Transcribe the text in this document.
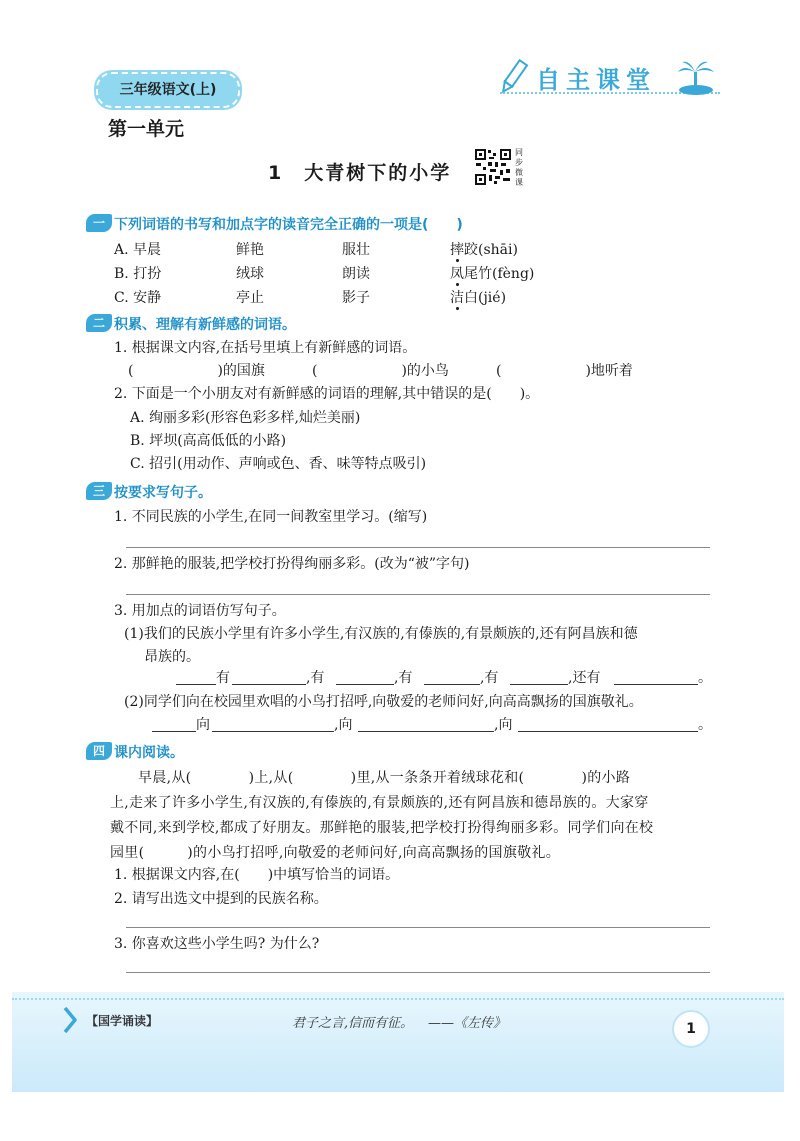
三年级语文(上)	自主课堂
第一单元
1　大青树下的小学
同步微课
一 下列词语的书写和加点字的读音完全正确的一项是(　　)
A. 早晨	鲜艳	服壮	摔跤(shāi)
B. 打扮	绒球	朗读	凤尾竹(fèng)
C. 安静	亭止	影子	洁白(jié)
二 积累、理解有新鲜感的词语。
1. 根据课文内容,在括号里填上有新鲜感的词语。
(　　　　　　)的国旗	(　　　　　　)的小鸟	(　　　　　　)地听着
2. 下面是一个小朋友对有新鲜感的词语的理解,其中错误的是(　　)。
A. 绚丽多彩(形容色彩多样,灿烂美丽)
B. 坪坝(高高低低的小路)
C. 招引(用动作、声响或色、香、味等特点吸引)
三 按要求写句子。
1. 不同民族的小学生,在同一间教室里学习。(缩写)
2. 那鲜艳的服装,把学校打扮得绚丽多彩。(改为“被”字句)
3. 用加点的词语仿写句子。
(1)我们的民族小学里有许多小学生,有汉族的,有傣族的,有景颇族的,还有阿昌族和德
昂族的。
有	,有	,有	,有	,还有	。
(2)同学们向在校园里欢唱的小鸟打招呼,向敬爱的老师问好,向高高飘扬的国旗敬礼。
向	,向	,向	。
四 课内阅读。
早晨,从(　　　　)上,从(　　　　)里,从一条条开着绒球花和(　　　　)的小路
上,走来了许多小学生,有汉族的,有傣族的,有景颇族的,还有阿昌族和德昂族的。大家穿
戴不同,来到学校,都成了好朋友。那鲜艳的服装,把学校打扮得绚丽多彩。同学们向在校
园里(　　　)的小鸟打招呼,向敬爱的老师问好,向高高飘扬的国旗敬礼。
1. 根据课文内容,在(　　)中填写恰当的词语。
2. 请写出选文中提到的民族名称。
3. 你喜欢这些小学生吗? 为什么?
【国学诵读】	君子之言,信而有征。 ——《左传》	1
